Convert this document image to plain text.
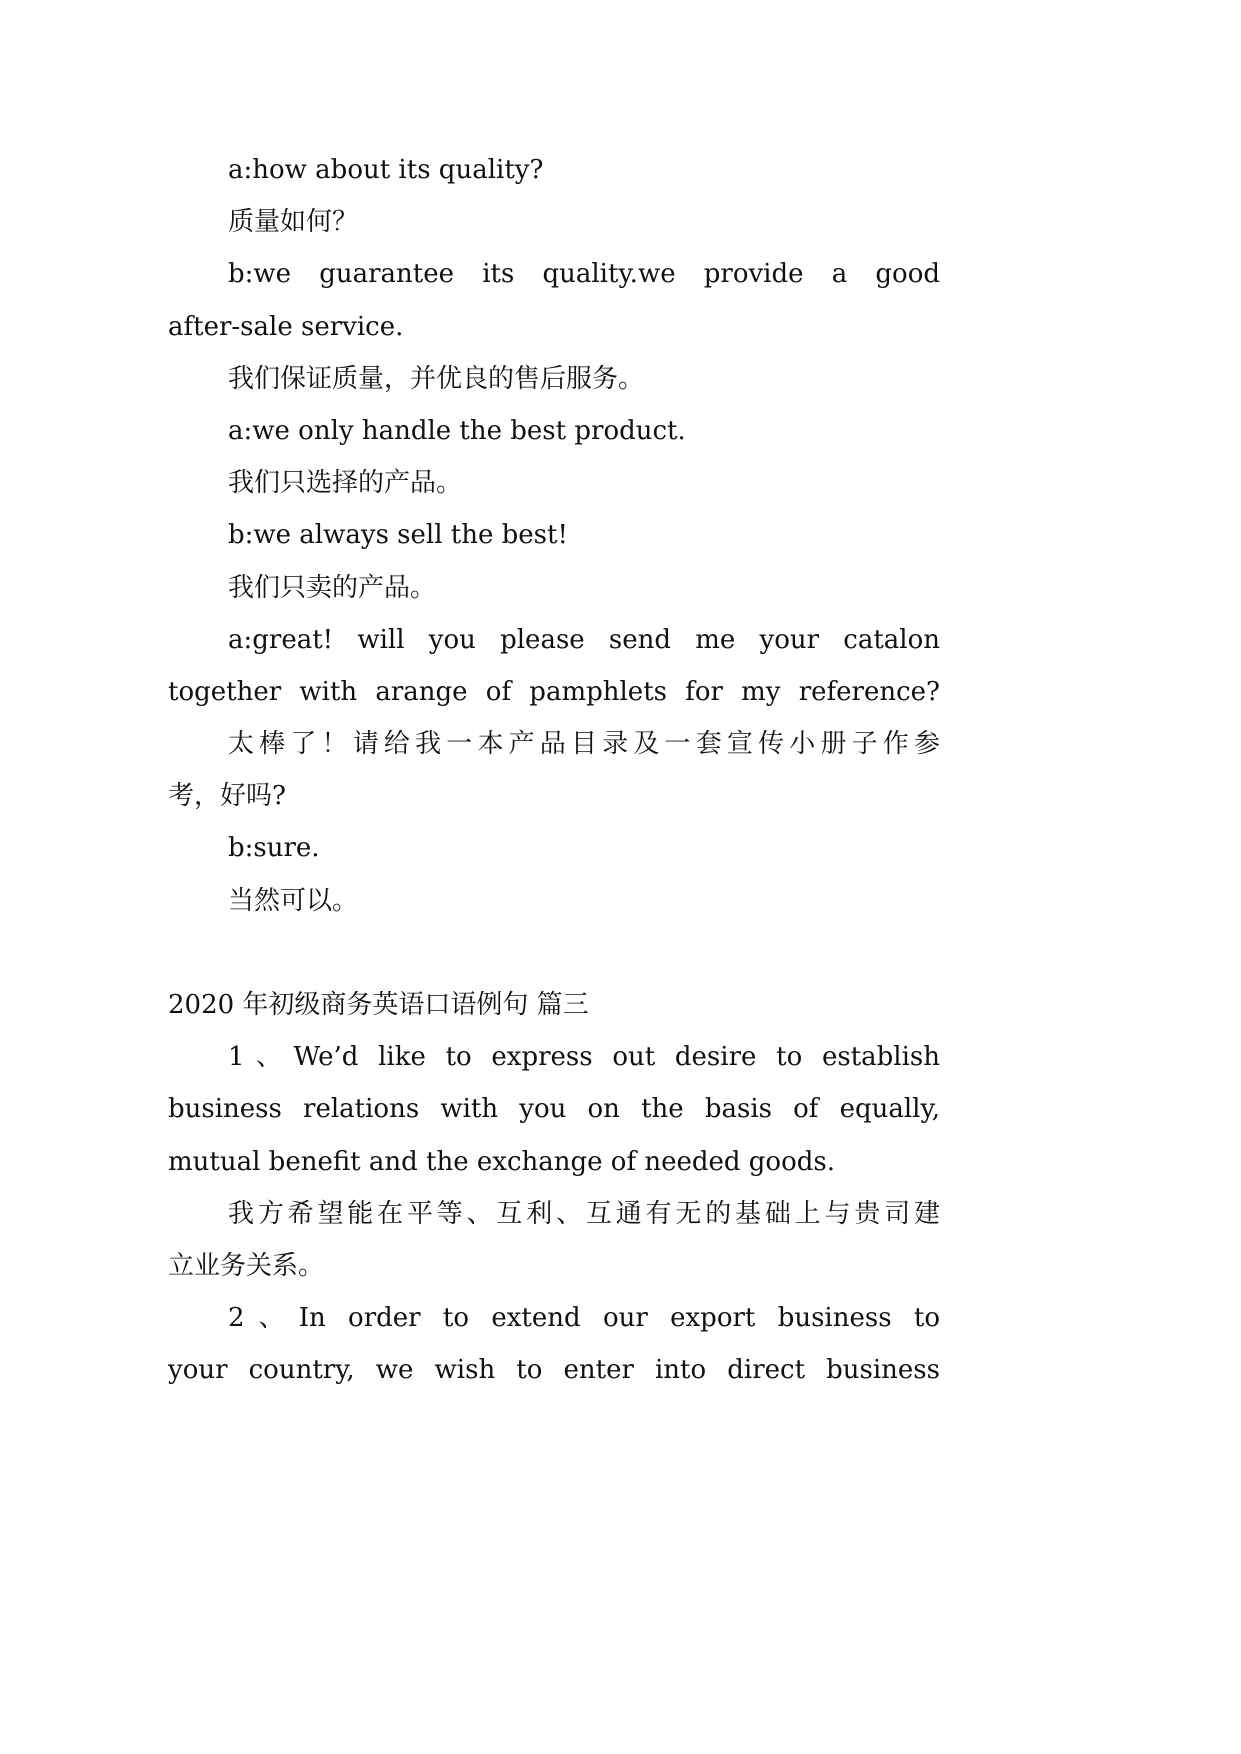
a:how about its quality?
质量如何？
b:we guarantee its quality.we provide a good
after-sale service.
我们保证质量，并优良的售后服务。
a:we only handle the best product.
我们只选择的产品。
b:we always sell the best!
我们只卖的产品。
a:great! will you please send me your catalon
together with arange of pamphlets for my reference?
太棒了！请给我一本产品目录及一套宣传小册子作参
考，好吗?
b:sure.
当然可以。
2020 年初级商务英语口语例句 篇三
1、We’d like to express out desire to establish
business relations with you on the basis of equally,
mutual benefit and the exchange of needed goods.
我方希望能在平等、互利、互通有无的基础上与贵司建
立业务关系。
2、In order to extend our export business to
your country, we wish to enter into direct business
